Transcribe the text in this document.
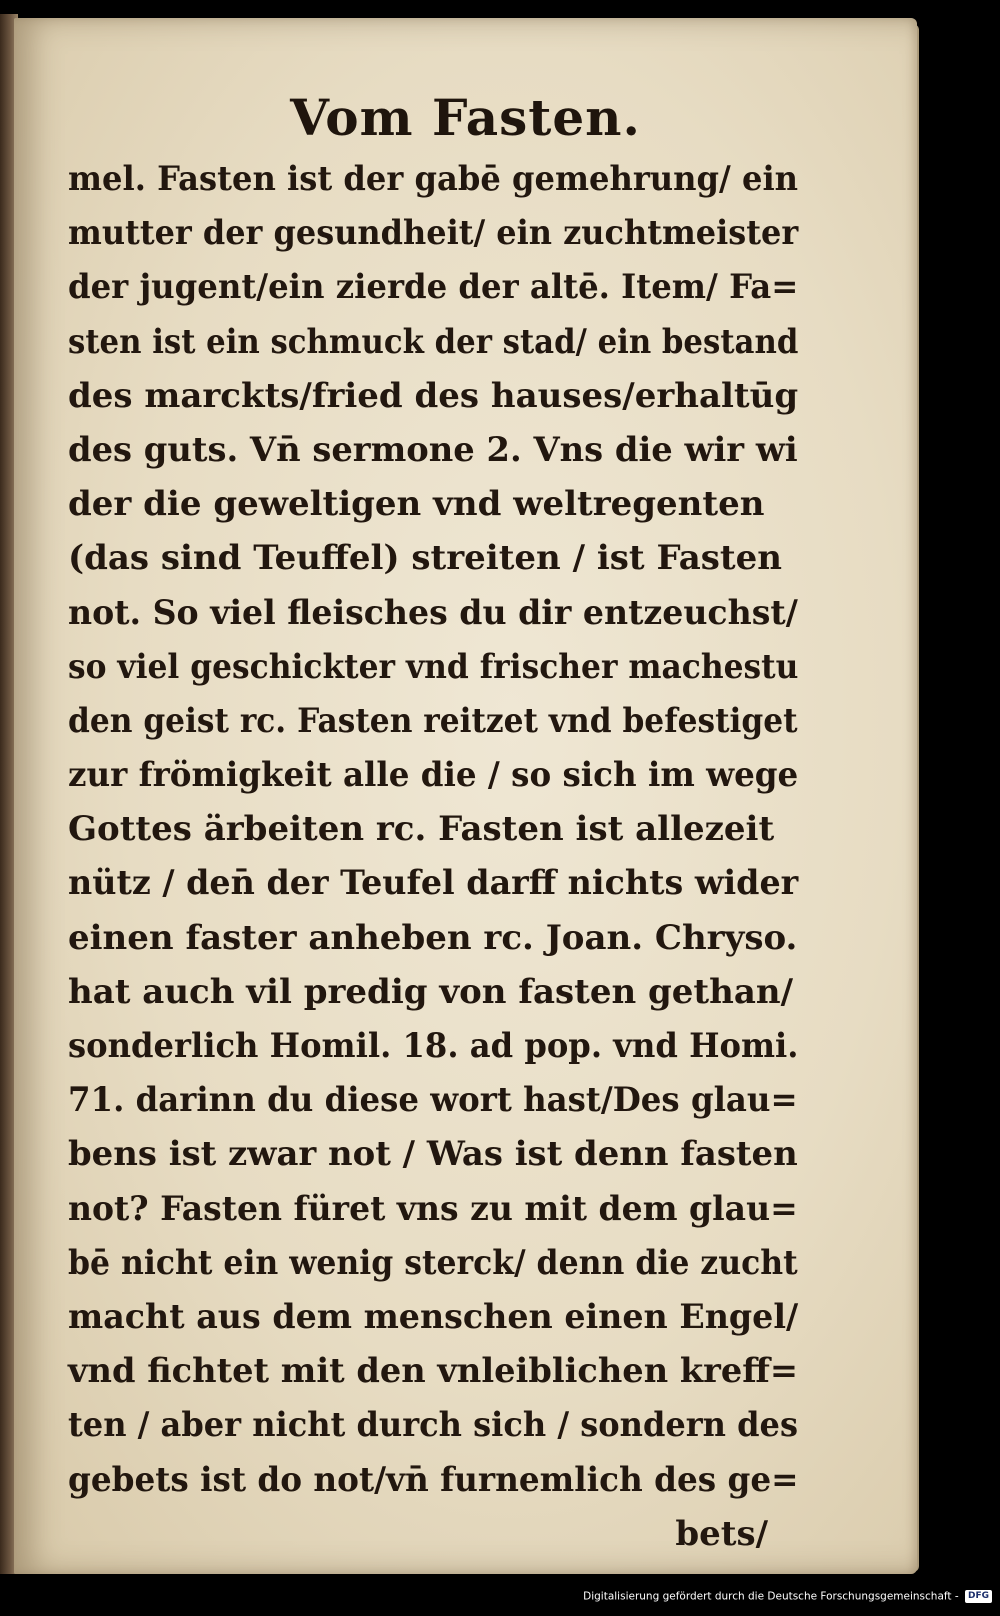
Vom Fasten.
mel. Fasten ist der gabē gemehrung/ ein
mutter der gesundheit/ ein zuchtmeister
der jugent/ein zierde der altē. Item/ Fa=
sten ist ein schmuck der stad/ ein bestand
des marckts/fried des hauses/erhaltūg
des guts. Vn̄ sermone 2. Vns die wir wi
der die geweltigen vnd weltregenten
(das sind Teuffel) streiten / ist Fasten
not. So viel fleisches du dir entzeuchst/
so viel geschickter vnd frischer machestu
den geist rc. Fasten reitzet vnd befestiget
zur frömigkeit alle die / so sich im wege
Gottes ärbeiten rc. Fasten ist allezeit
nütz / den̄ der Teufel darff nichts wider
einen faster anheben rc. Joan. Chryso.
hat auch vil predig von fasten gethan/
sonderlich Homil. 18. ad pop. vnd Homi.
71. darinn du diese wort hast/Des glau=
bens ist zwar not / Was ist denn fasten
not? Fasten füret vns zu mit dem glau=
bē nicht ein wenig sterck/ denn die zucht
macht aus dem menschen einen Engel/
vnd fichtet mit den vnleiblichen kreff=
ten / aber nicht durch sich / sondern des
gebets ist do not/vn̄ furnemlich des ge=
bets/
Digitalisierung gefördert durch die Deutsche Forschungsgemeinschaft - DFG
